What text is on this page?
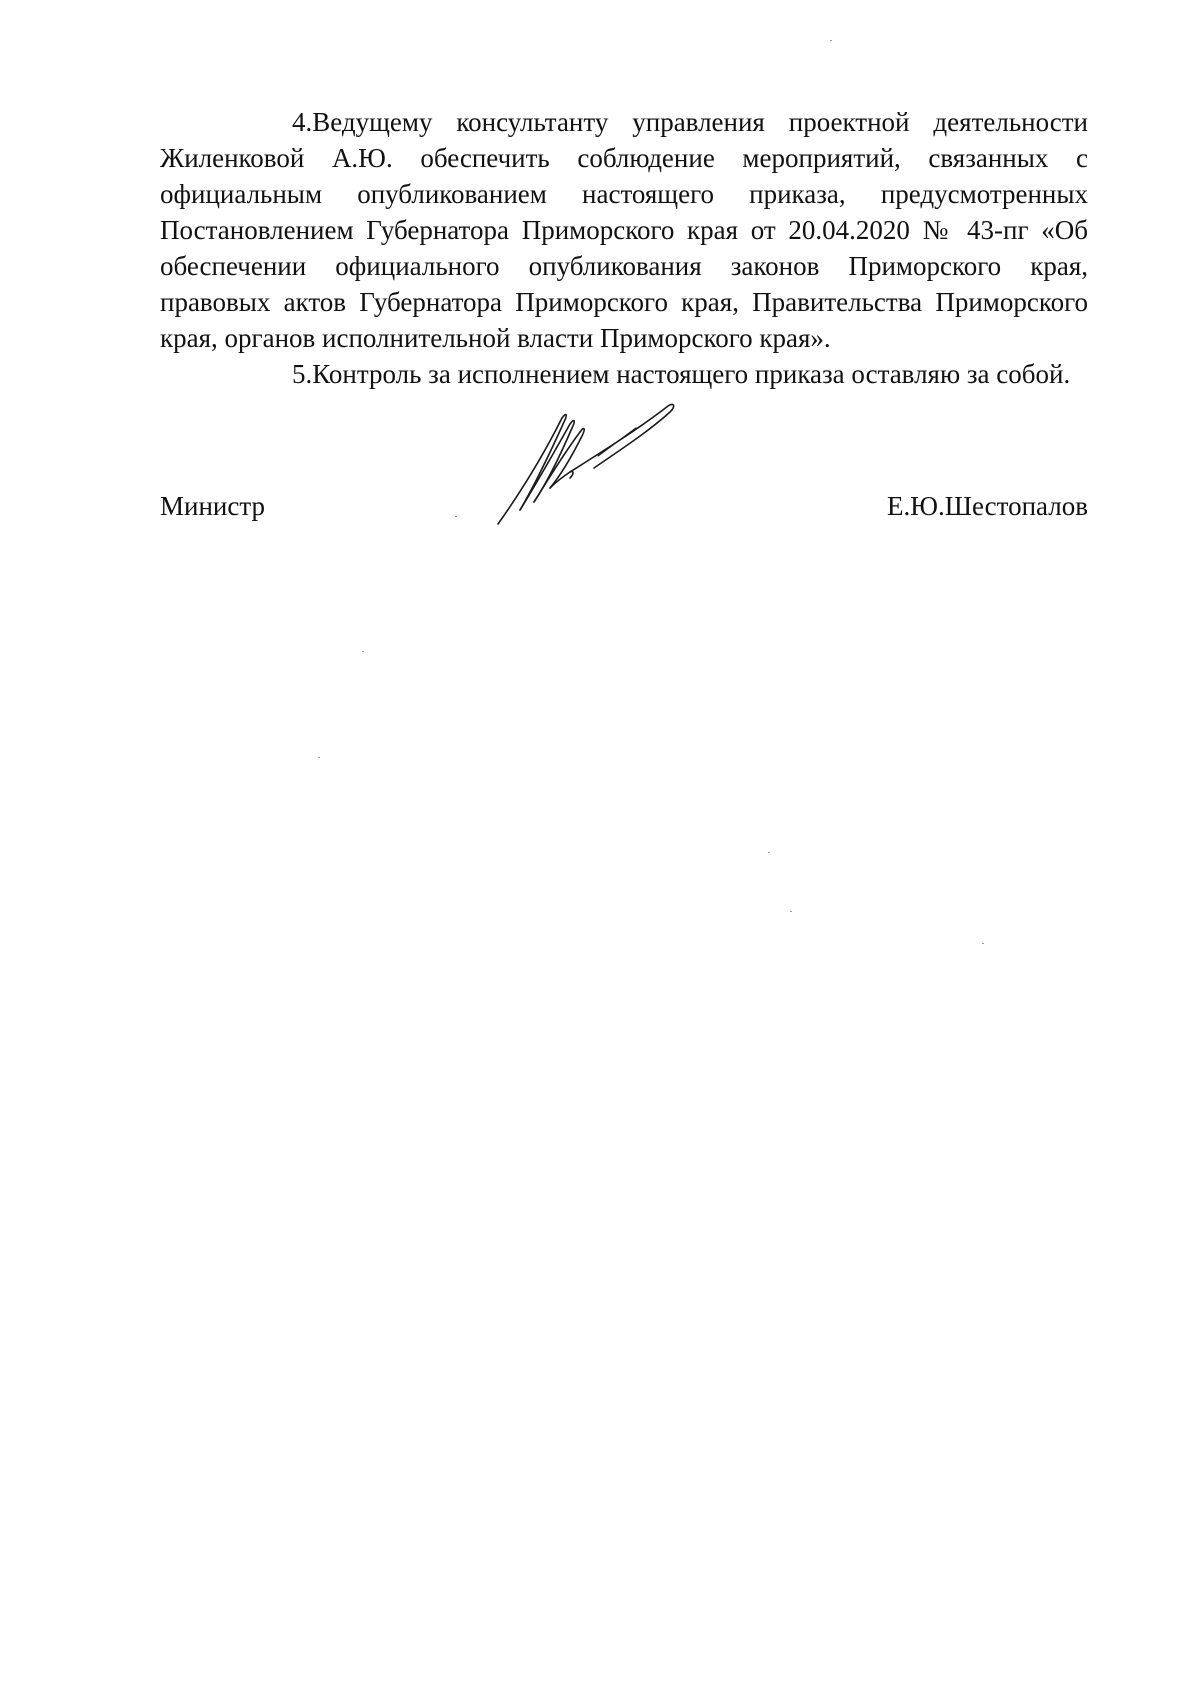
4.Ведущему консультанту управления проектной деятельности Жиленковой А.Ю. обеспечить соблюдение мероприятий, связанных с официальным опубликованием настоящего приказа, предусмотренных Постановлением Губернатора Приморского края от 20.04.2020 № 43-пг «Об обеспечении официального опубликования законов Приморского края, правовых актов Губернатора Приморского края, Правительства Приморского края, органов исполнительной власти Приморского края».

5.Контроль за исполнением настоящего приказа оставляю за собой.

Министр	Е.Ю.Шестопалов
